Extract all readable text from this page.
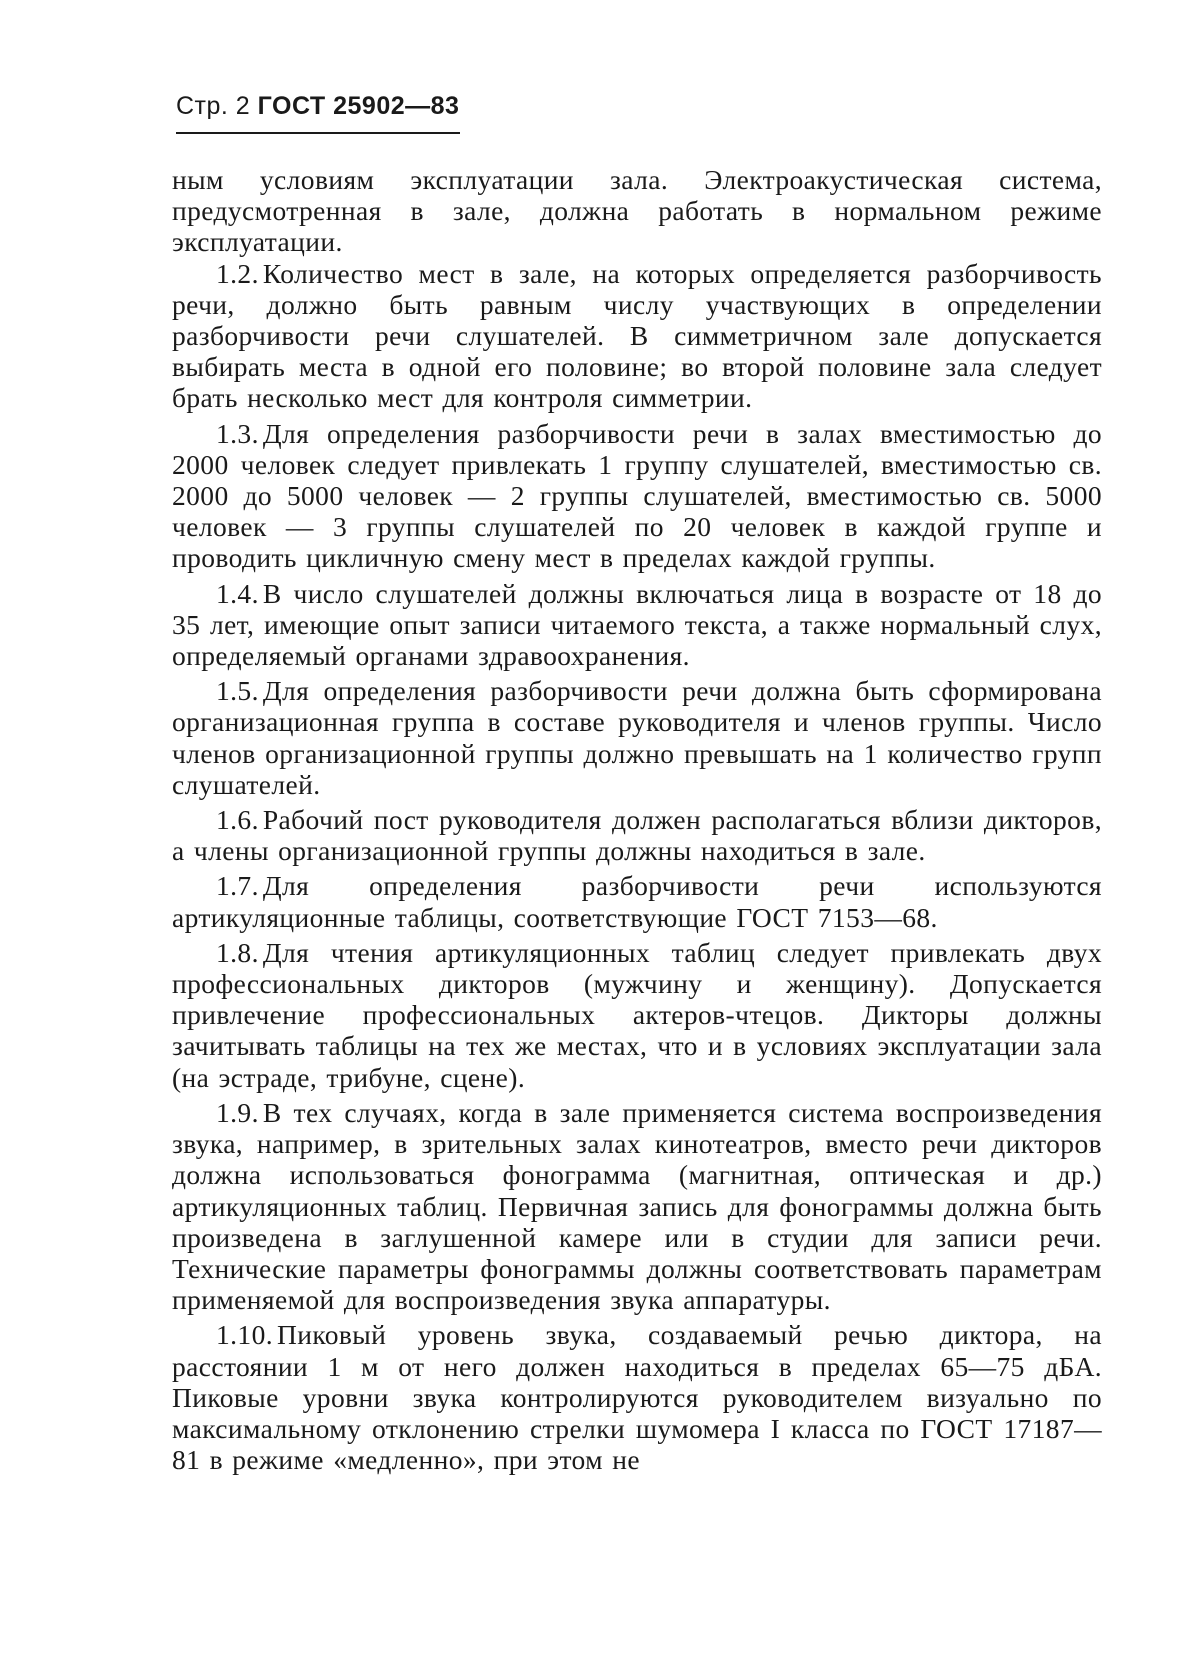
Стр. 2 ГОСТ 25902—83

ным условиям эксплуатации зала. Электроакустическая система, предусмотренная в зале, должна работать в нормальном режиме эксплуатации.

1.2. Количество мест в зале, на которых определяется разборчивость речи, должно быть равным числу участвующих в определении разборчивости речи слушателей. В симметричном зале допускается выбирать места в одной его половине; во второй половине зала следует брать несколько мест для контроля симметрии.

1.3. Для определения разборчивости речи в залах вместимостью до 2000 человек следует привлекать 1 группу слушателей, вместимостью св. 2000 до 5000 человек — 2 группы слушателей, вместимостью св. 5000 человек — 3 группы слушателей по 20 человек в каждой группе и проводить цикличную смену мест в пределах каждой группы.

1.4. В число слушателей должны включаться лица в возрасте от 18 до 35 лет, имеющие опыт записи читаемого текста, а также нормальный слух, определяемый органами здравоохранения.

1.5. Для определения разборчивости речи должна быть сформирована организационная группа в составе руководителя и членов группы. Число членов организационной группы должно превышать на 1 количество групп слушателей.

1.6. Рабочий пост руководителя должен располагаться вблизи дикторов, а члены организационной группы должны находиться в зале.

1.7. Для определения разборчивости речи используются артикуляционные таблицы, соответствующие ГОСТ 7153—68.

1.8. Для чтения артикуляционных таблиц следует привлекать двух профессиональных дикторов (мужчину и женщину). Допускается привлечение профессиональных актеров-чтецов. Дикторы должны зачитывать таблицы на тех же местах, что и в условиях эксплуатации зала (на эстраде, трибуне, сцене).

1.9. В тех случаях, когда в зале применяется система воспроизведения звука, например, в зрительных залах кинотеатров, вместо речи дикторов должна использоваться фонограмма (магнитная, оптическая и др.) артикуляционных таблиц. Первичная запись для фонограммы должна быть произведена в заглушенной камере или в студии для записи речи. Технические параметры фонограммы должны соответствовать параметрам применяемой для воспроизведения звука аппаратуры.

1.10. Пиковый уровень звука, создаваемый речью диктора, на расстоянии 1 м от него должен находиться в пределах 65—75 дБА. Пиковые уровни звука контролируются руководителем визуально по максимальному отклонению стрелки шумомера I класса по ГОСТ 17187—81 в режиме «медленно», при этом не
